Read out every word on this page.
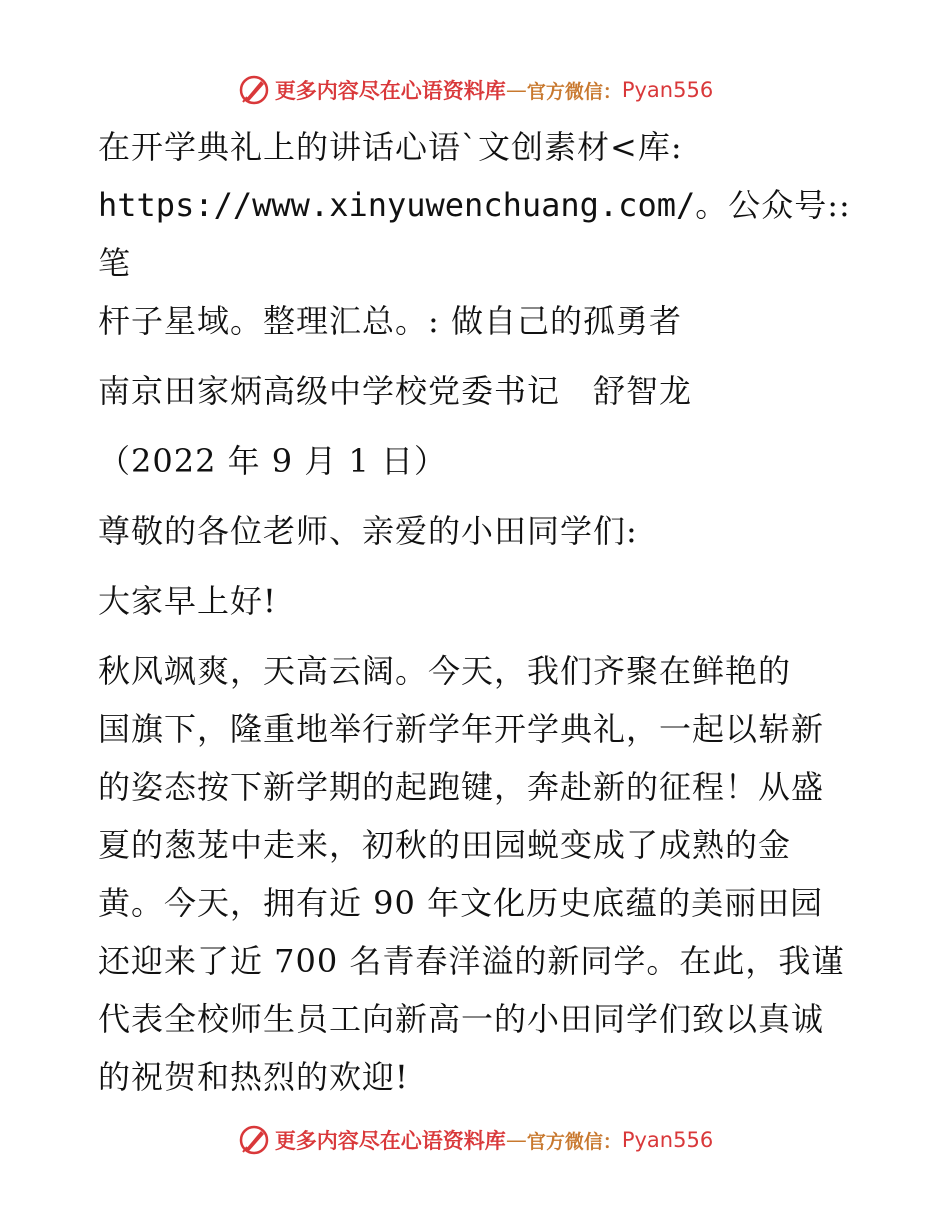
更多内容尽在心语资料库 — 官方微信： Pyan556

在开学典礼上的讲话心语`文创素材<库:

https://www.xinyuwenchuang.com/。公众号:: 笔

杆子星域。整理汇总。: 做自己的孤勇者

南京田家炳高级中学校党委书记　舒智龙

（2022 年 9 月 1 日）

尊敬的各位老师、亲爱的小田同学们:

大家早上好!

秋风飒爽，天高云阔。今天，我们齐聚在鲜艳的

国旗下，隆重地举行新学年开学典礼，一起以崭新

的姿态按下新学期的起跑键，奔赴新的征程！从盛

夏的葱茏中走来，初秋的田园蜕变成了成熟的金

黄。今天，拥有近 90 年文化历史底蕴的美丽田园

还迎来了近 700 名青春洋溢的新同学。在此，我谨

代表全校师生员工向新高一的小田同学们致以真诚

的祝贺和热烈的欢迎!

更多内容尽在心语资料库 — 官方微信： Pyan556
